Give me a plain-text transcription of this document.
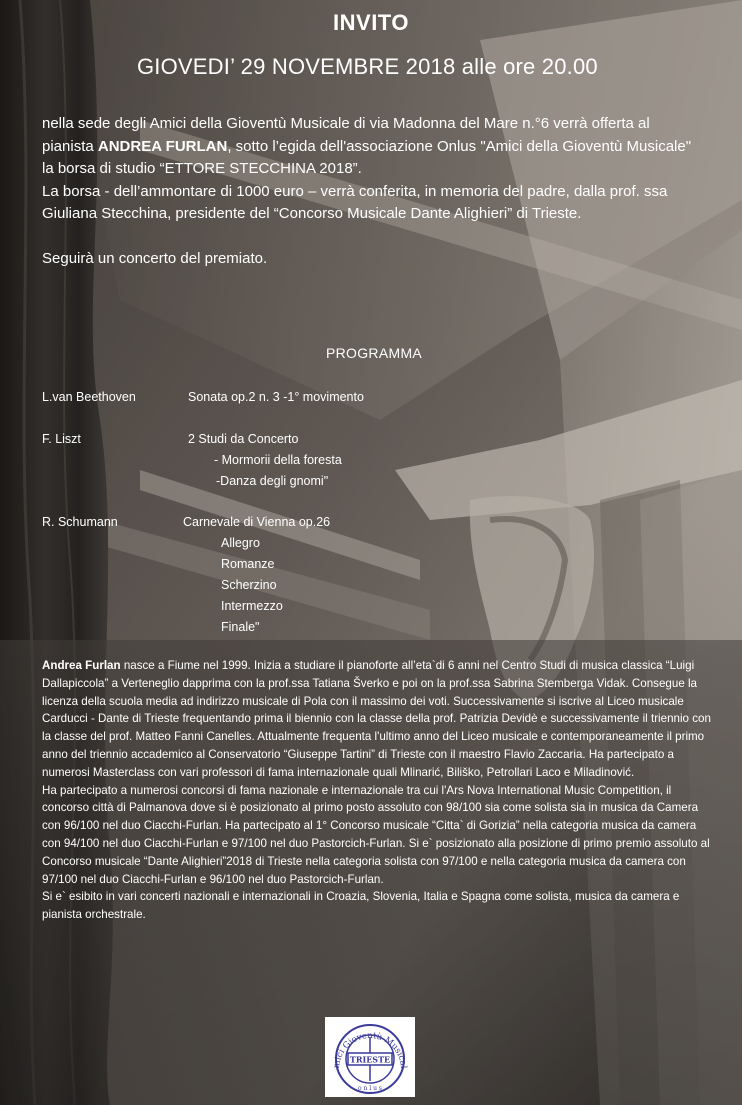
INVITO
GIOVEDI’ 29 NOVEMBRE 2018 alle ore 20.00

nella sede degli Amici della Gioventù Musicale di via Madonna del Mare n.°6 verrà offerta al pianista ANDREA FURLAN, sotto l’egida dell'associazione Onlus "Amici della Gioventù Musicale" la borsa di studio “ETTORE STECCHINA 2018”.

La borsa - dell’ammontare di 1000 euro – verrà conferita, in memoria del padre, dalla prof. ssa Giuliana Stecchina, presidente del “Concorso Musicale Dante Alighieri” di Trieste.

Seguirà un concerto del premiato.

PROGRAMMA
L.van Beethoven	Sonata op.2 n. 3 -1° movimento
F. Liszt	2 Studi da Concerto
- Mormorii della foresta
-Danza degli gnomi"
R. Schumann	Carnevale di Vienna op.26
Allegro
Romanze
Scherzino
Intermezzo
Finale"

Andrea Furlan nasce a Fiume nel 1999. Inizia a studiare il pianoforte all’eta`di 6 anni nel Centro Studi di musica classica “Luigi Dallapiccola” a Verteneglio dapprima con la prof.ssa Tatiana Šverko e poi on la prof.ssa Sabrina Stemberga Vidak. Consegue la licenza della scuola media ad indirizzo musicale di Pola con il massimo dei voti. Successivamente si iscrive al Liceo musicale Carducci - Dante di Trieste frequentando prima il biennio con la classe della prof. Patrizia Devidè e successivamente il triennio con la classe del prof. Matteo Fanni Canelles. Attualmente frequenta l'ultimo anno del Liceo musicale e contemporaneamente il primo anno del triennio accademico al Conservatorio “Giuseppe Tartini” di Trieste con il maestro Flavio Zaccaria. Ha partecipato a numerosi Masterclass con vari professori di fama internazionale quali Mlinarić, Biliško, Petrollari Laco e Miladinović.

Ha partecipato a numerosi concorsi di fama nazionale e internazionale tra cui l'Ars Nova International Music Competition, il concorso città di Palmanova dove si è posizionato al primo posto assoluto con 98/100 sia come solista sia in musica da Camera con 96/100 nel duo Ciacchi-Furlan. Ha partecipato al 1° Concorso musicale “Citta` di Gorizia” nella categoria musica da camera con 94/100 nel duo Ciacchi-Furlan e 97/100 nel duo Pastorcich-Furlan. Si e` posizionato alla posizione di primo premio assoluto al Concorso musicale “Dante Alighieri”2018 di Trieste nella categoria solista con 97/100 e nella categoria musica da camera con 97/100 nel duo Ciacchi-Furlan e 96/100 nel duo Pastorcich-Furlan.

Si e` esibito in vari concerti nazionali e internazionali in Croazia, Slovenia, Italia e Spagna come solista, musica da camera e pianista orchestrale.

mici Gioventù Musical
TRIESTE
o n l u s
